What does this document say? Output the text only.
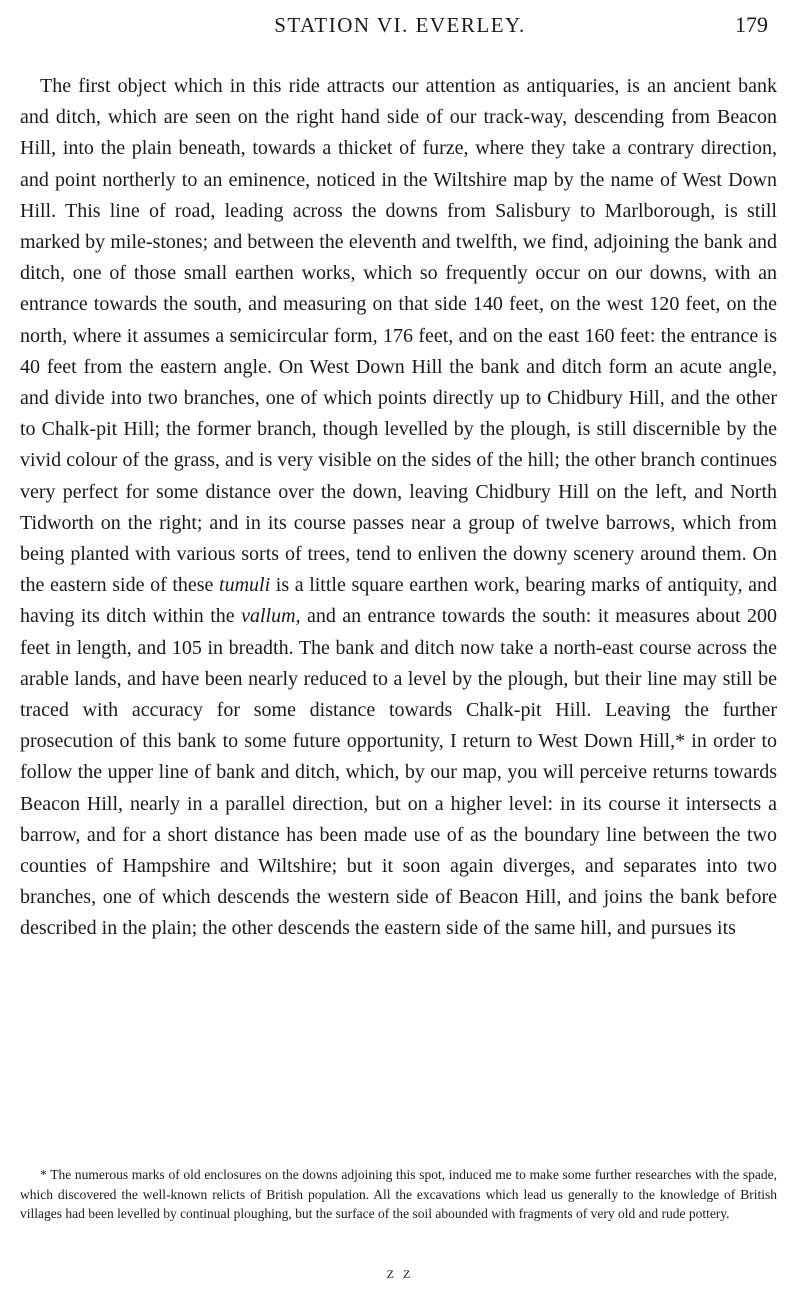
STATION VI. EVERLEY.	179

The first object which in this ride attracts our attention as antiquaries, is an ancient bank and ditch, which are seen on the right hand side of our track-way, descending from Beacon Hill, into the plain beneath, towards a thicket of furze, where they take a contrary direction, and point northerly to an eminence, noticed in the Wiltshire map by the name of West Down Hill. This line of road, leading across the downs from Salisbury to Marlborough, is still marked by mile-stones; and between the eleventh and twelfth, we find, adjoining the bank and ditch, one of those small earthen works, which so frequently occur on our downs, with an entrance towards the south, and measuring on that side 140 feet, on the west 120 feet, on the north, where it assumes a semicircular form, 176 feet, and on the east 160 feet: the entrance is 40 feet from the eastern angle. On West Down Hill the bank and ditch form an acute angle, and divide into two branches, one of which points directly up to Chidbury Hill, and the other to Chalk-pit Hill; the former branch, though levelled by the plough, is still discernible by the vivid colour of the grass, and is very visible on the sides of the hill; the other branch continues very perfect for some distance over the down, leaving Chidbury Hill on the left, and North Tidworth on the right; and in its course passes near a group of twelve barrows, which from being planted with various sorts of trees, tend to enliven the downy scenery around them. On the eastern side of these tumuli is a little square earthen work, bearing marks of antiquity, and having its ditch within the vallum, and an entrance towards the south: it measures about 200 feet in length, and 105 in breadth. The bank and ditch now take a north-east course across the arable lands, and have been nearly reduced to a level by the plough, but their line may still be traced with accuracy for some distance towards Chalk-pit Hill. Leaving the further prosecution of this bank to some future opportunity, I return to West Down Hill,* in order to follow the upper line of bank and ditch, which, by our map, you will perceive returns towards Beacon Hill, nearly in a parallel direction, but on a higher level: in its course it intersects a barrow, and for a short distance has been made use of as the boundary line between the two counties of Hampshire and Wiltshire; but it soon again diverges, and separates into two branches, one of which descends the western side of Beacon Hill, and joins the bank before described in the plain; the other descends the eastern side of the same hill, and pursues its

* The numerous marks of old enclosures on the downs adjoining this spot, induced me to make some further researches with the spade, which discovered the well-known relicts of British population. All the excavations which lead us generally to the knowledge of British villages had been levelled by continual ploughing, but the surface of the soil abounded with fragments of very old and rude pottery.

Z Z
